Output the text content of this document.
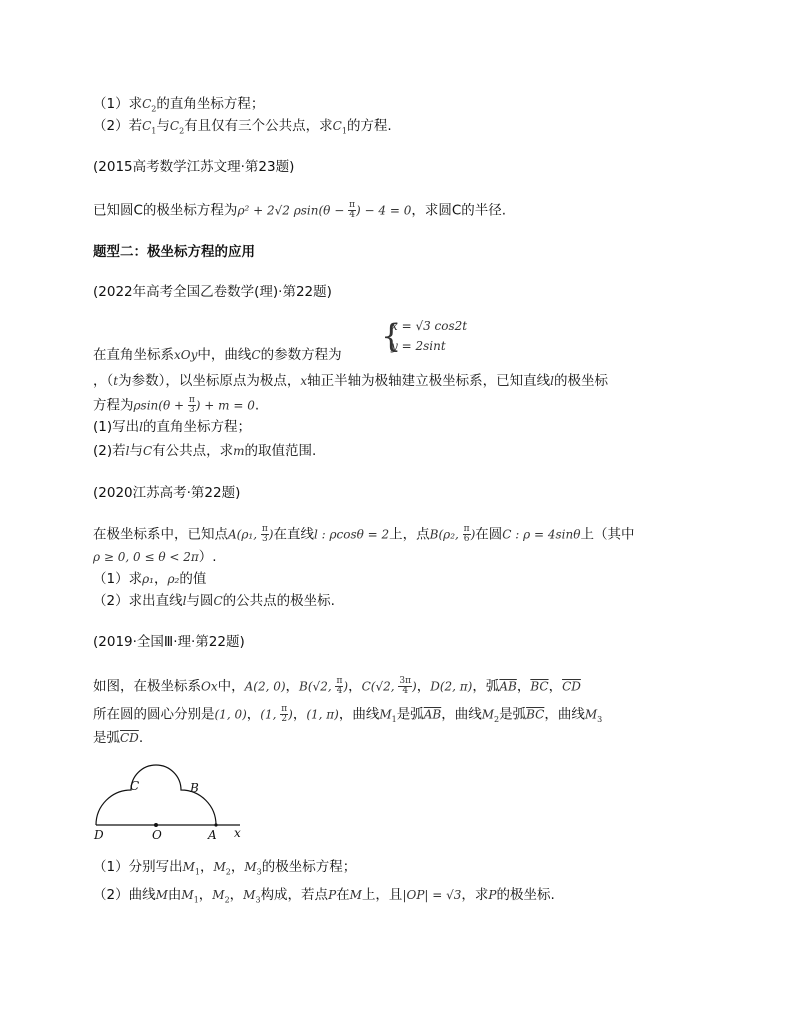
（1）求$C_2$的直角坐标方程；
（2）若$C_1$与$C_2$有且仅有三个公共点，求$C_1$的方程.
(2015高考数学江苏文理·第23题)
已知圆C的极坐标方程为ρ² + 2√2 $\rho\sin(\theta - \frac{\pi}{4}$ ) − 4 = 0，求圆C的半径.
题型二：极坐标方程的应用
(2022年高考全国乙卷数学(理)·第22题)
{
x = √3 cos2t
y = 2sint
在直角坐标系xOy中，曲线C的参数方程为
，（t为参数），以坐标原点为极点，x轴正半轴为极轴建立极坐标系，已知直线l的极坐标
方程为$\rho\sin(\theta + \frac{\pi}{3}$ ) + m = 0.
(1)写出l的直角坐标方程；
(2)若l与C有公共点，求m的取值范围.
(2020江苏高考·第22题)
在极坐标系中，已知点A(ρ₁, $\frac{\pi}{3}$ )在直线l : ρcosθ = 2上，点B(ρ₂, $\frac{\pi}{6}$ )在圆C : ρ = 4sinθ上（其中
ρ ≥ 0, 0 ≤ θ < 2π）.
（1）求ρ₁，ρ₂的值
（2）求出直线l与圆C的公共点的极坐标.
(2019·全国Ⅲ·理·第22题)
如图，在极坐标系Ox中，A(2, 0)，B(√2, $\frac{\pi}{4}$ )，C(√2, $\frac{3\pi}{4}$ )，D(2, π)，弧$\overline{AB}$，$\overline{BC}$，$\overline{CD}$
所在圆的圆心分别是(1, 0)，(1, $\frac{\pi}{2}$ )，(1, π)，曲线$M_1$是弧$\overline{AB}$，曲线$M_2$是弧$\overline{BC}$，曲线$M_3$
是弧$\overline{CD}$.
C	B
D	O	A x
（1）分别写出$M_1$，$M_2$，$M_3$的极坐标方程；
（2）曲线M由$M_1$，$M_2$，$M_3$构成，若点P在M上，且|OP| = √3，求P的极坐标.
